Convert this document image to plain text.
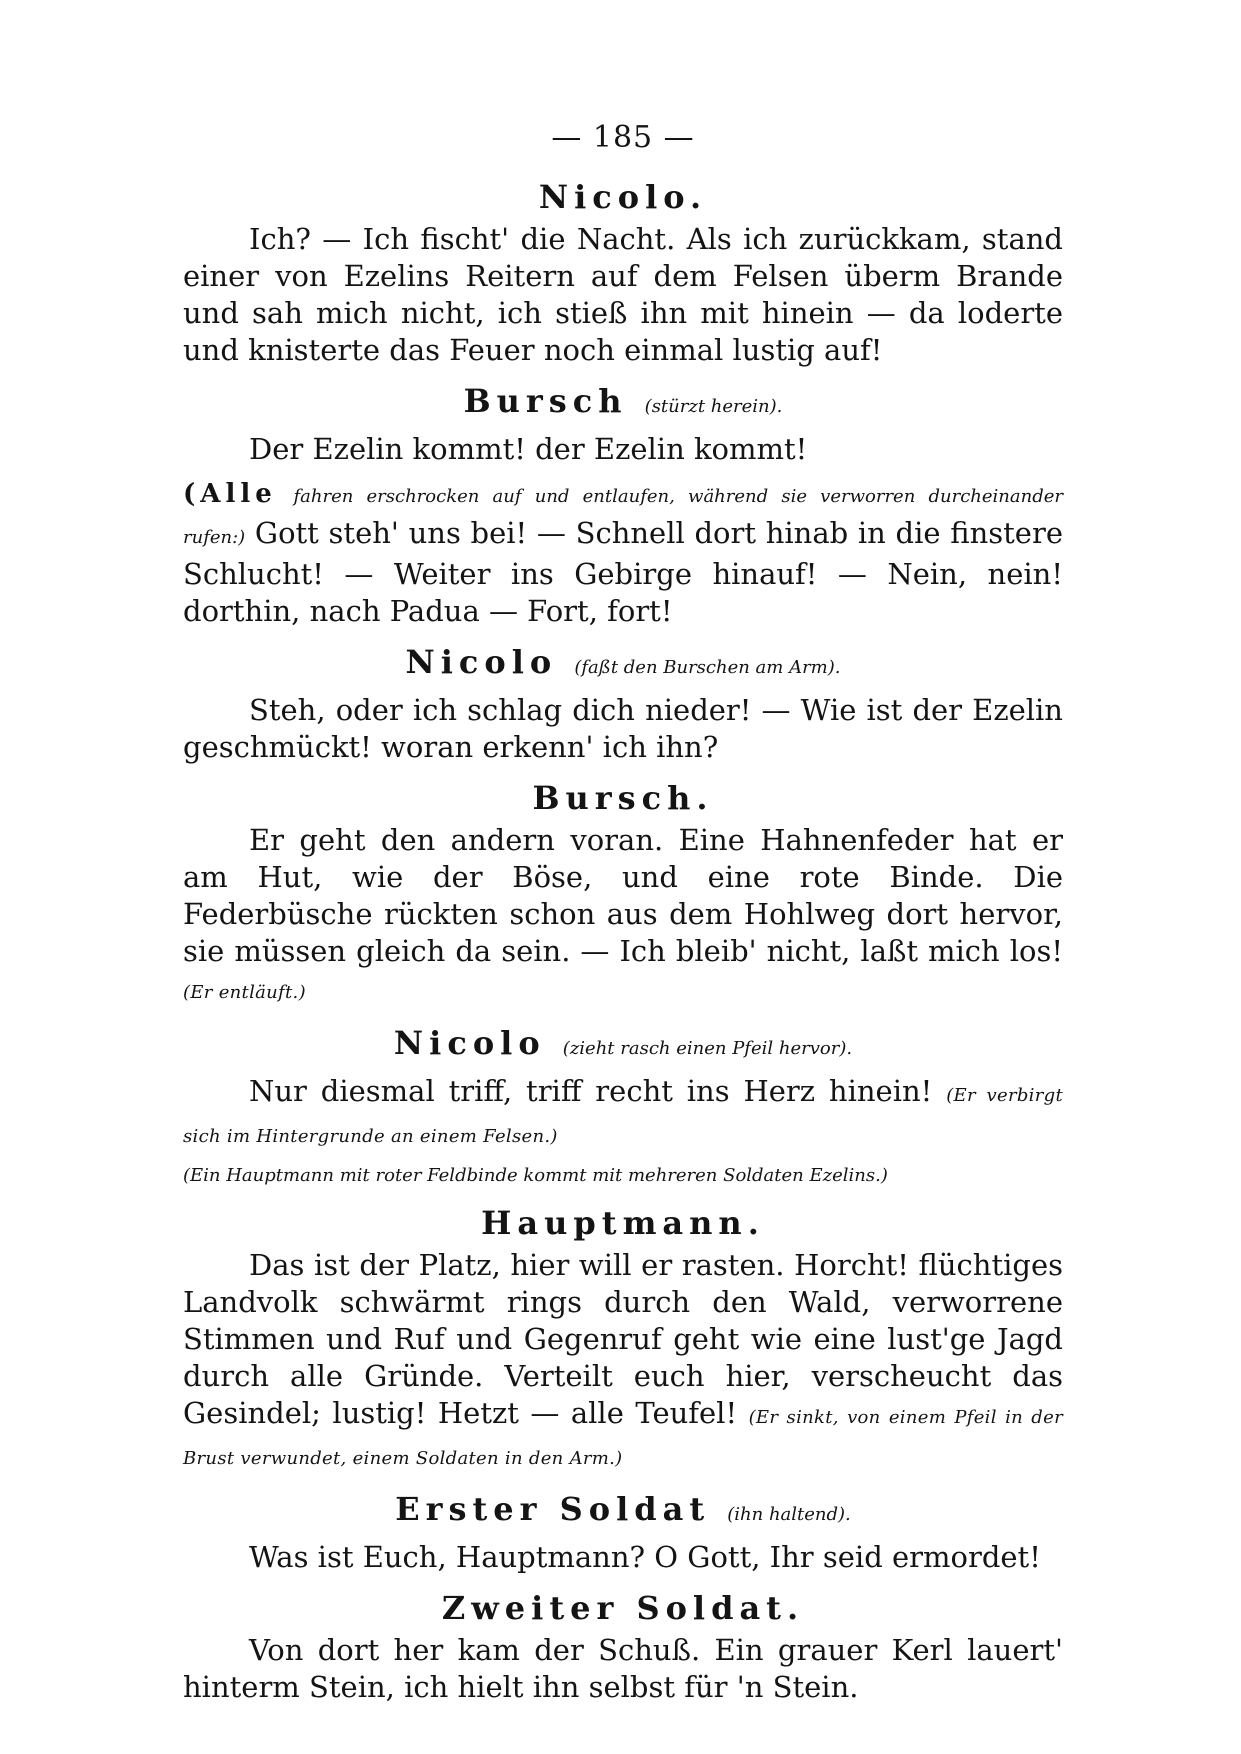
— 185 —
Nicolo.

Ich? — Ich fischt' die Nacht. Als ich zurückkam, stand einer von Ezelins Reitern auf dem Felsen überm Brande und sah mich nicht, ich stieß ihn mit hinein — da loderte und knisterte das Feuer noch einmal lustig auf!

Bursch (stürzt herein).

Der Ezelin kommt! der Ezelin kommt!

(Alle fahren erschrocken auf und entlaufen, während sie verworren durcheinander rufen:) Gott steh' uns bei! — Schnell dort hinab in die finstere Schlucht! — Weiter ins Gebirge hinauf! — Nein, nein! dorthin, nach Padua — Fort, fort!

Nicolo (faßt den Burschen am Arm).

Steh, oder ich schlag dich nieder! — Wie ist der Ezelin geschmückt! woran erkenn' ich ihn?

Bursch.

Er geht den andern voran. Eine Hahnenfeder hat er am Hut, wie der Böse, und eine rote Binde. Die Federbüsche rückten schon aus dem Hohlweg dort hervor, sie müssen gleich da sein. — Ich bleib' nicht, laßt mich los! (Er entläuft.)

Nicolo (zieht rasch einen Pfeil hervor).

Nur diesmal triff, triff recht ins Herz hinein! (Er verbirgt sich im Hintergrunde an einem Felsen.)

(Ein Hauptmann mit roter Feldbinde kommt mit mehreren Soldaten Ezelins.)

Hauptmann.

Das ist der Platz, hier will er rasten. Horcht! flüchtiges Landvolk schwärmt rings durch den Wald, verworrene Stimmen und Ruf und Gegenruf geht wie eine lust'ge Jagd durch alle Gründe. Verteilt euch hier, verscheucht das Gesindel; lustig! Hetzt — alle Teufel! (Er sinkt, von einem Pfeil in der Brust verwundet, einem Soldaten in den Arm.)

Erster Soldat (ihn haltend).

Was ist Euch, Hauptmann? O Gott, Ihr seid ermordet!

Zweiter Soldat.

Von dort her kam der Schuß. Ein grauer Kerl lauert' hinterm Stein, ich hielt ihn selbst für 'n Stein.
